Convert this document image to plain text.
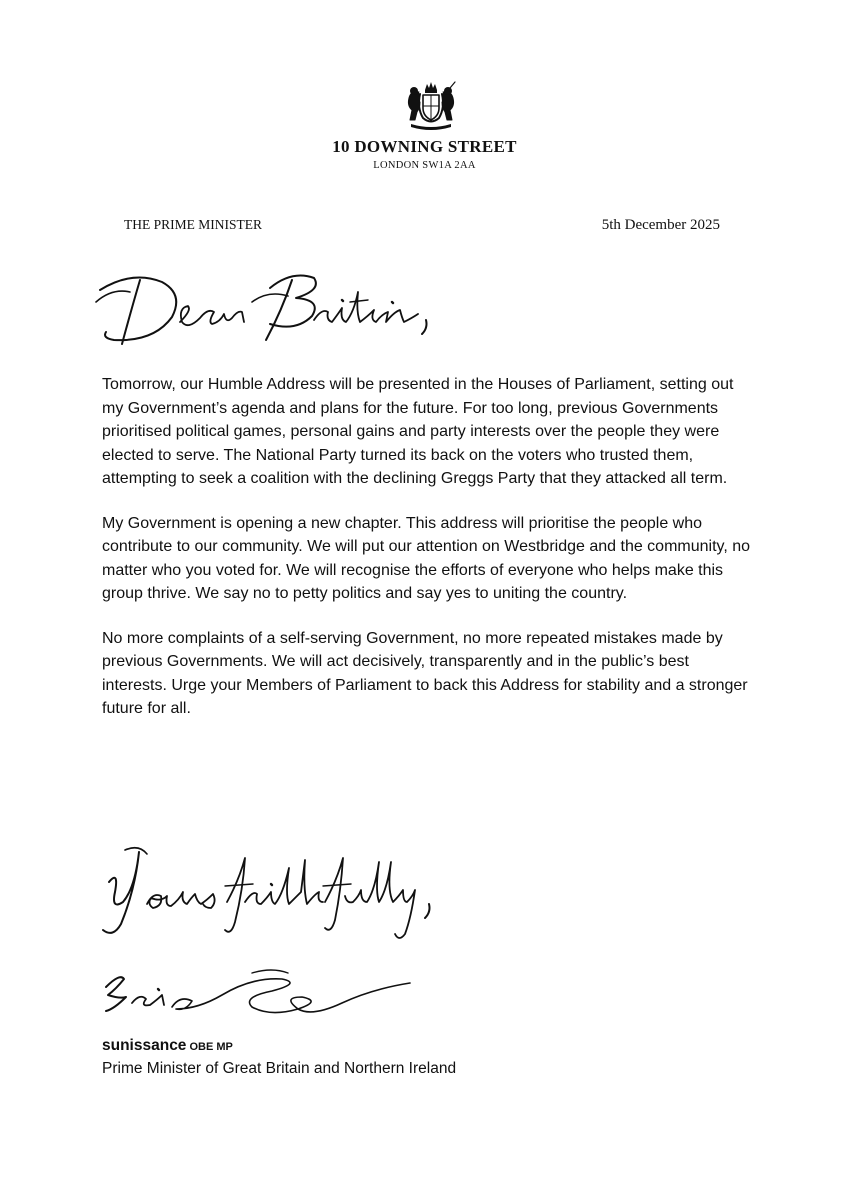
10 DOWNING STREET
LONDON SW1A 2AA
THE PRIME MINISTER	5th December 2025

Tomorrow, our Humble Address will be presented in the Houses of Parliament, setting out my Government’s agenda and plans for the future. For too long, previous Governments prioritised political games, personal gains and party interests over the people they were elected to serve. The National Party turned its back on the voters who trusted them, attempting to seek a coalition with the declining Greggs Party that they attacked all term.

My Government is opening a new chapter. This address will prioritise the people who contribute to our community. We will put our attention on Westbridge and the community, no matter who you voted for. We will recognise the efforts of everyone who helps make this group thrive. We say no to petty politics and say yes to uniting the country.

No more complaints of a self-serving Government, no more repeated mistakes made by previous Governments. We will act decisively, transparently and in the public’s best interests. Urge your Members of Parliament to back this Address for stability and a stronger future for all.

sunissance OBE MP
Prime Minister of Great Britain and Northern Ireland
